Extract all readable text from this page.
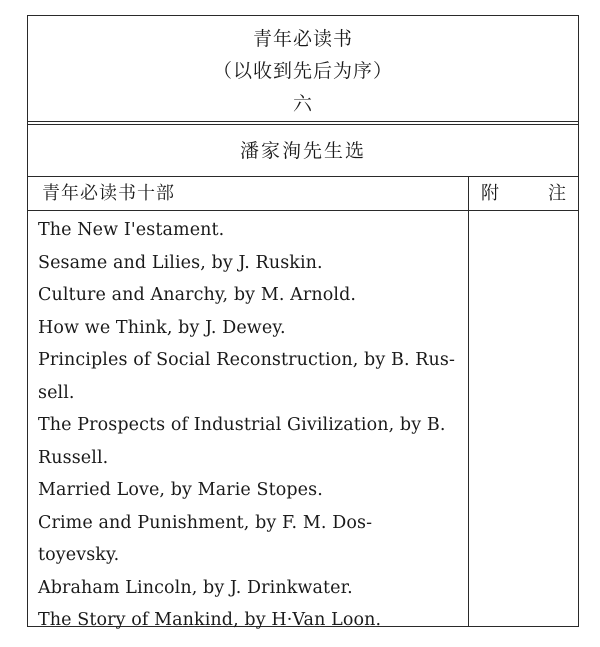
青年必读书
（以收到先后为序）
六
潘家洵先生选
青年必读书十部	附	注
The New I'estament.
Sesame and Lilies, by J. Ruskin.
Culture and Anarchy, by M. Arnold.
How we Think, by J. Dewey.
Principles of Social Reconstruction, by B. Rus-
sell.
The Prospects of Industrial Givilization, by B.
Russell.
Married Love, by Marie Stopes.
Crime and Punishment, by F. M. Dos-
toyevsky.
Abraham Lincoln, by J. Drinkwater.
The Story of Mankind, by H·Van Loon.
